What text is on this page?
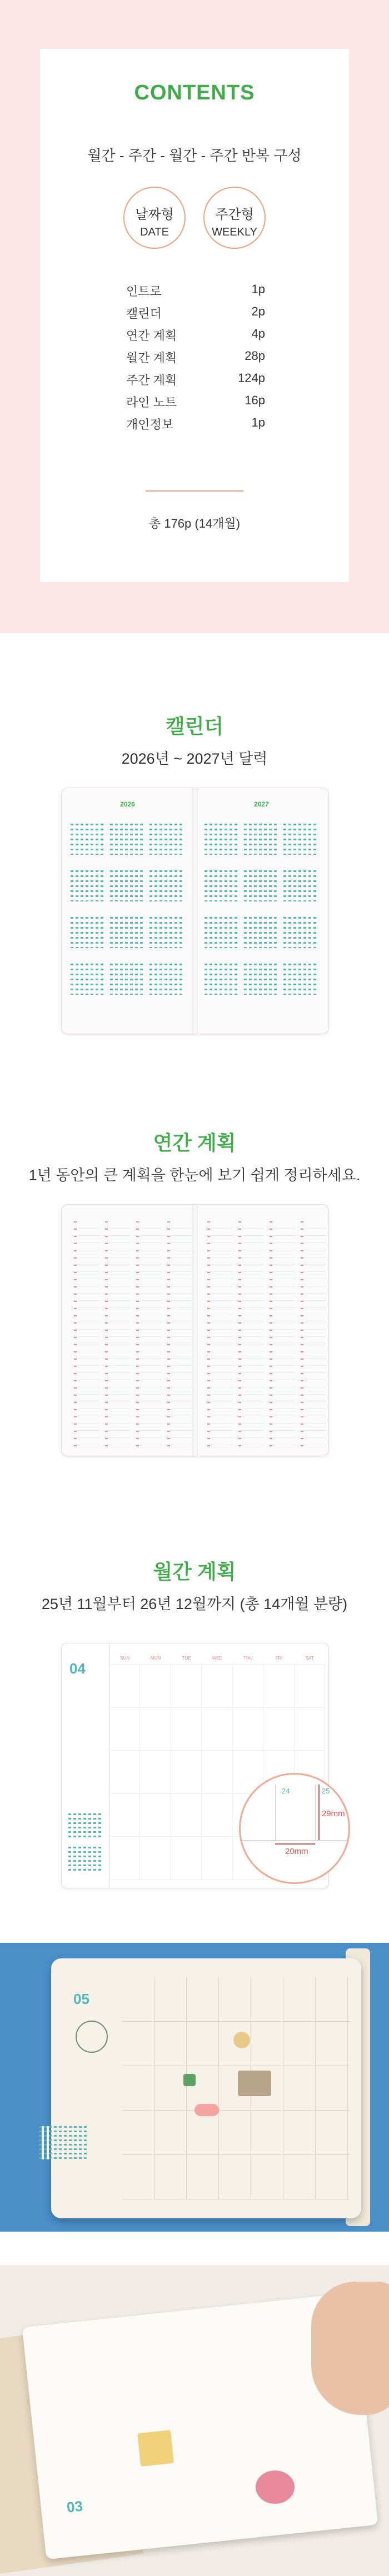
CONTENTS
월간 - 주간 - 월간 - 주간 반복 구성
날짜형
DATE
주간형
WEEKLY
인트로	1p
캘린더	2p
연간 계획	4p
월간 계획	28p
주간 계획	124p
라인 노트	16p
개인정보	1p
총 176p (14개월)
캘린더
2026년 ~ 2027년 달력
2026	2027
연간 계획
1년 동안의 큰 계획을 한눈에 보기 쉽게 정리하세요.
월간 계획
25년 11월부터 26년 12월까지 (총 14개월 분량)
04
SUN	MON	TUE	WED	THU	FRI	SAT
23	24	25
20mm
29mm
05
03
